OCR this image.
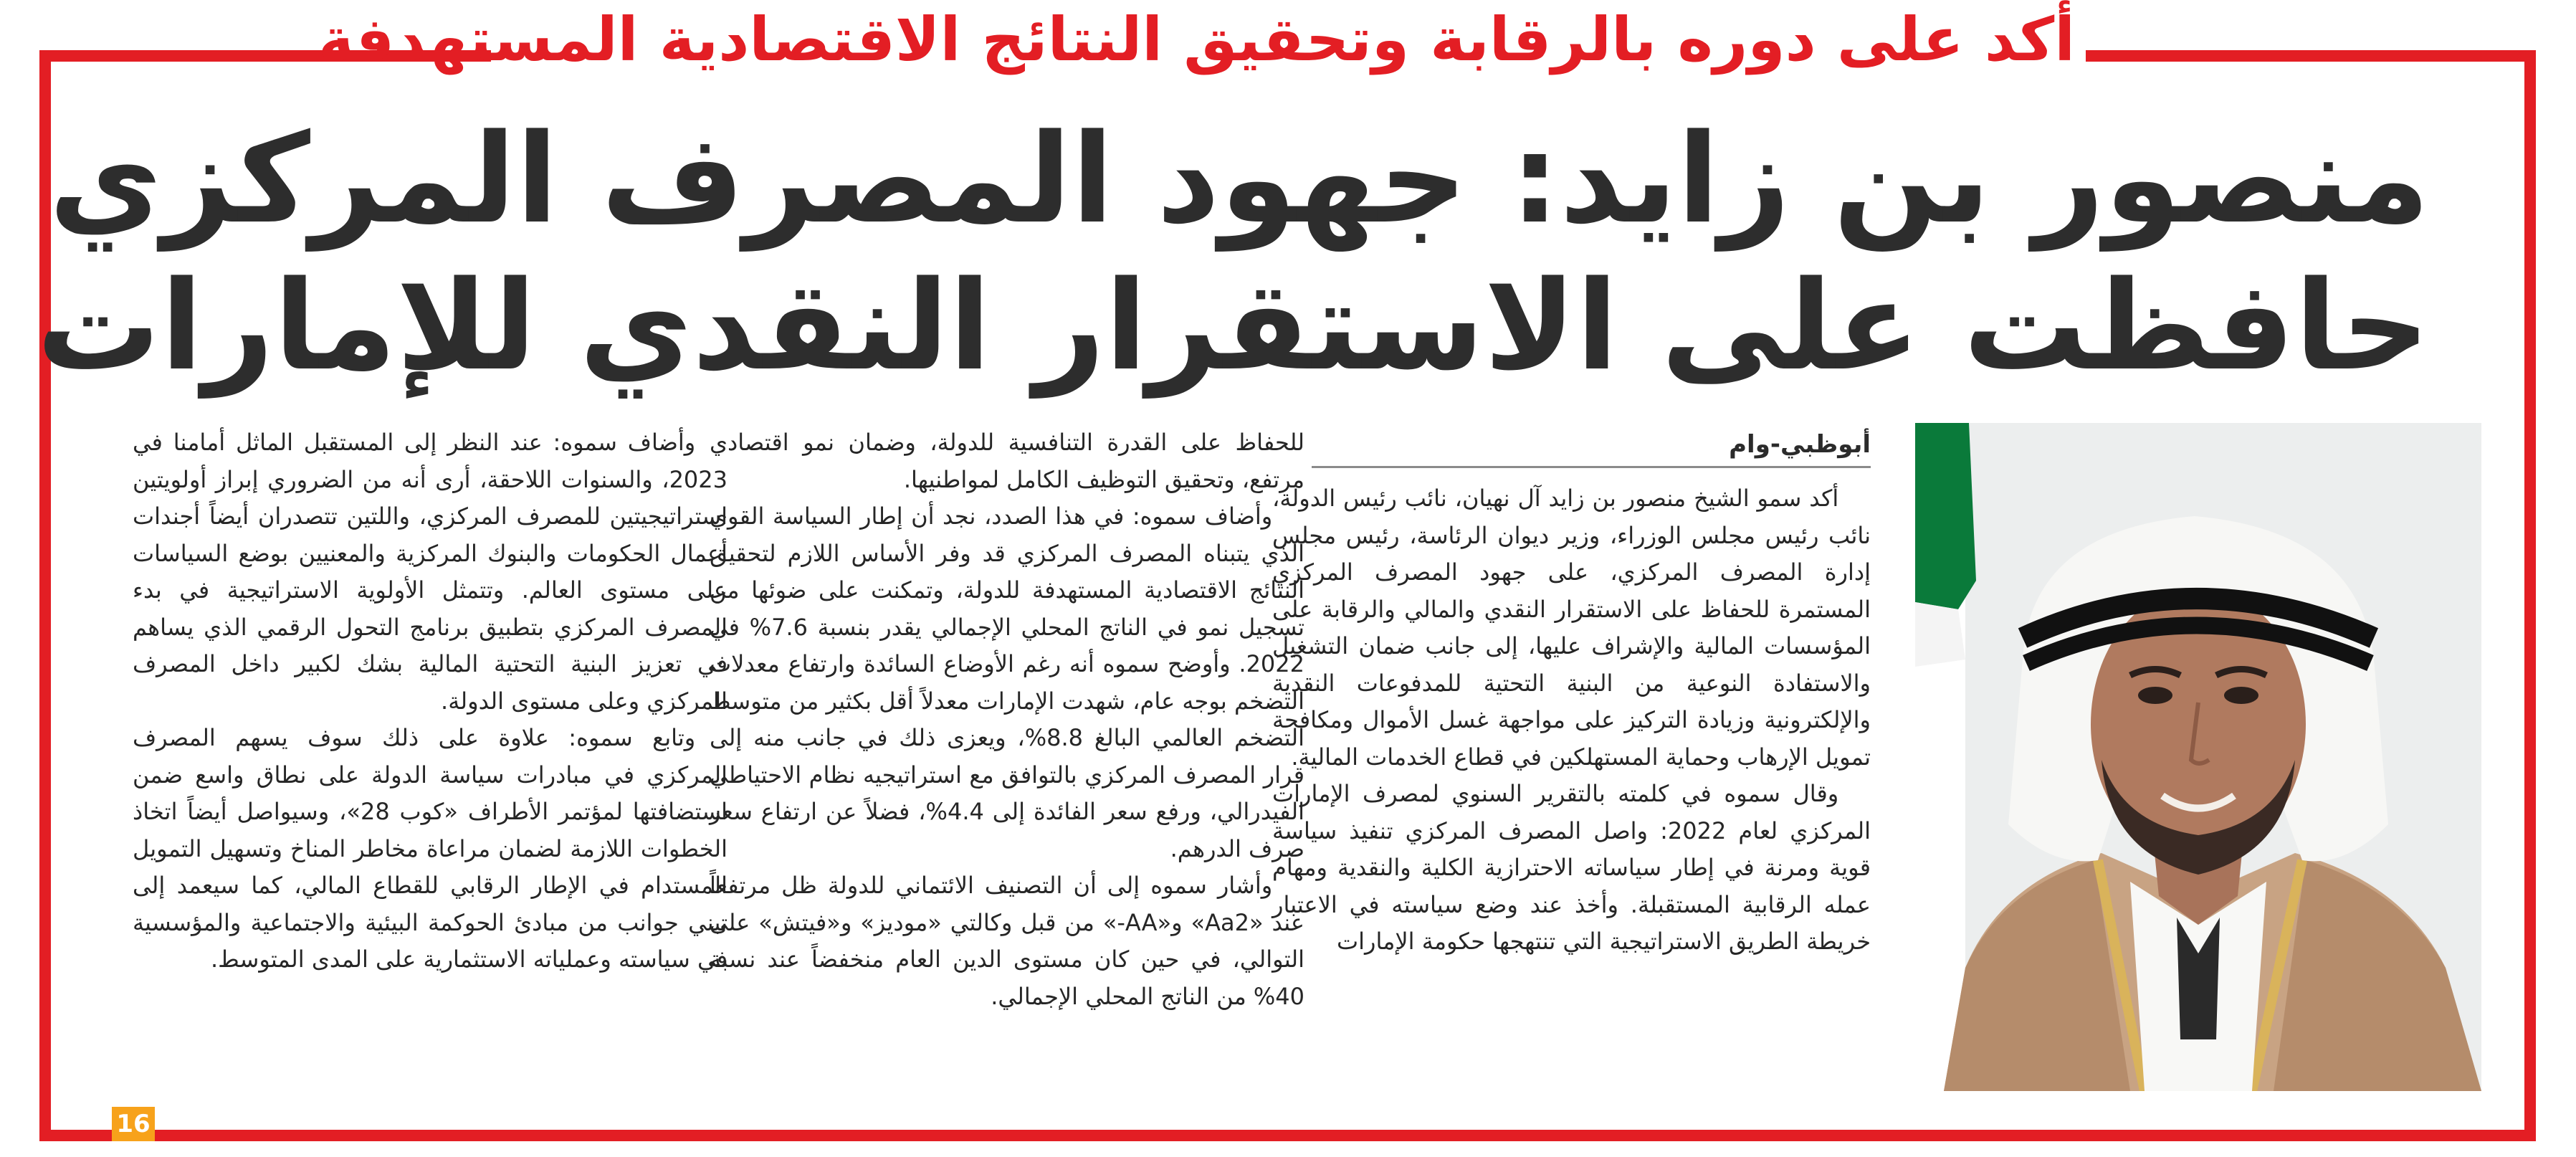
أكد على دوره بالرقابة وتحقيق النتائج الاقتصادية المستهدفة
منصور بن زايد: جهود المصرف المركزي
حافظت على الاستقرار النقدي للإمارات
أبوظبي-وام

أكد سمو الشيخ منصور بن زايد آل نهيان، نائب رئيس الدولة، نائب رئيس مجلس الوزراء، وزير ديوان الرئاسة، رئيس مجلس إدارة المصرف المركزي، على جهود المصرف المركزي المستمرة للحفاظ على الاستقرار النقدي والمالي والرقابة على المؤسسات المالية والإشراف عليها، إلى جانب ضمان التشغيل والاستفادة النوعية من البنية التحتية للمدفوعات النقدية والإلكترونية وزيادة التركيز على مواجهة غسل الأموال ومكافحة تمويل الإرهاب وحماية المستهلكين في قطاع الخدمات المالية.

وقال سموه في كلمته بالتقرير السنوي لمصرف الإمارات المركزي لعام 2022: واصل المصرف المركزي تنفيذ سياسة قوية ومرنة في إطار سياساته الاحترازية الكلية والنقدية ومهام عمله الرقابية المستقبلة. وأخذ عند وضع سياسته في الاعتبار خريطة الطريق الاستراتيجية التي تنتهجها حكومة الإمارات

للحفاظ على القدرة التنافسية للدولة، وضمان نمو اقتصادي مرتفع، وتحقيق التوظيف الكامل لمواطنيها.

وأضاف سموه: في هذا الصدد، نجد أن إطار السياسة القوي الذي يتبناه المصرف المركزي قد وفر الأساس اللازم لتحقيق النتائج الاقتصادية المستهدفة للدولة، وتمكنت على ضوئها من تسجيل نمو في الناتج المحلي الإجمالي يقدر بنسبة 7.6% في 2022. وأوضح سموه أنه رغم الأوضاع السائدة وارتفاع معدلات التضخم بوجه عام، شهدت الإمارات معدلاً أقل بكثير من متوسط التضخم العالمي البالغ 8.8%، ويعزى ذلك في جانب منه إلى قرار المصرف المركزي بالتوافق مع استراتيجيه نظام الاحتياطي الفيدرالي، ورفع سعر الفائدة إلى 4.4%، فضلاً عن ارتفاع سعر صرف الدرهم.

وأشار سموه إلى أن التصنيف الائتماني للدولة ظل مرتفعاً عند «Aa2» و«AA-» من قبل وكالتي «موديز» و«فيتش» على التوالي، في حين كان مستوى الدين العام منخفضاً عند نسبة 40% من الناتج المحلي الإجمالي.

وأضاف سموه: عند النظر إلى المستقبل الماثل أمامنا في 2023، والسنوات اللاحقة، أرى أنه من الضروري إبراز أولويتين استراتيجيتين للمصرف المركزي، واللتين تتصدران أيضاً أجندات أعمال الحكومات والبنوك المركزية والمعنيين بوضع السياسات على مستوى العالم. وتتمثل الأولوية الاستراتيجية في بدء المصرف المركزي بتطبيق برنامج التحول الرقمي الذي يساهم في تعزيز البنية التحتية المالية بشك لكبير داخل المصرف المركزي وعلى مستوى الدولة.

وتابع سموه: علاوة على ذلك سوف يسهم المصرف المركزي في مبادرات سياسة الدولة على نطاق واسع ضمن استضافتها لمؤتمر الأطراف «كوب 28»، وسيواصل أيضاً اتخاذ الخطوات اللازمة لضمان مراعاة مخاطر المناخ وتسهيل التمويل المستدام في الإطار الرقابي للقطاع المالي، كما سيعمد إلى تبني جوانب من مبادئ الحوكمة البيئية والاجتماعية والمؤسسية في سياسته وعملياته الاستثمارية على المدى المتوسط.

16
